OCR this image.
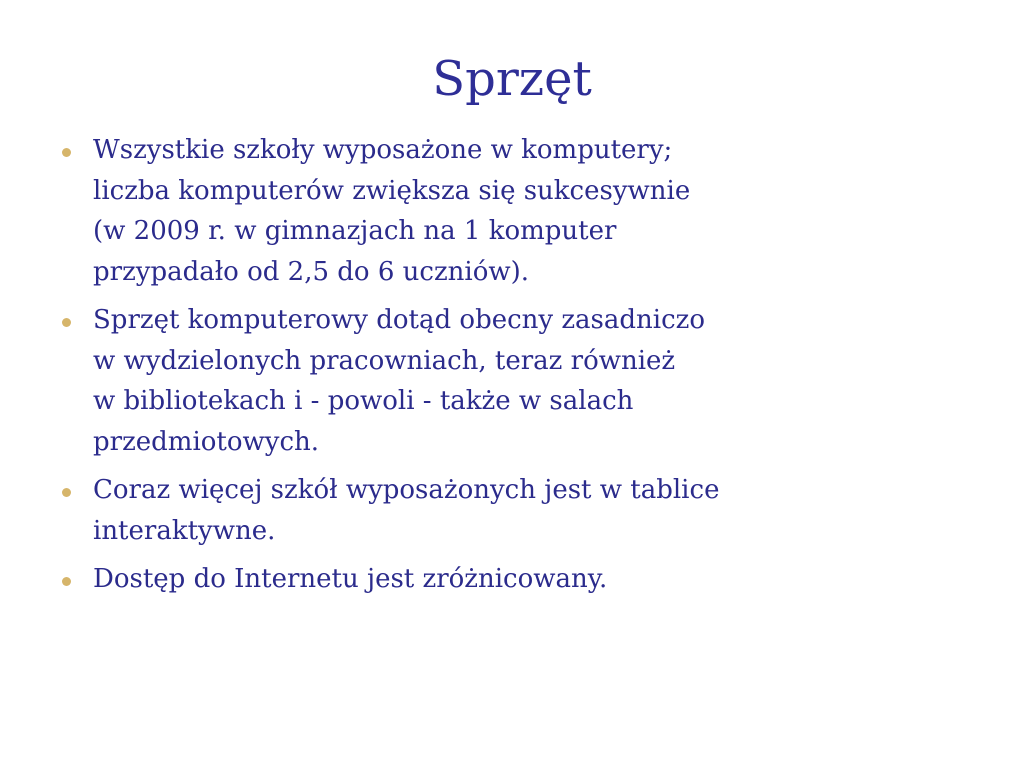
Sprzęt
Wszystkie szkoły wyposażone w komputery;
liczba komputerów zwiększa się sukcesywnie
(w 2009 r. w gimnazjach na 1 komputer
przypadało od 2,5 do 6 uczniów).
Sprzęt komputerowy dotąd obecny zasadniczo
w wydzielonych pracowniach, teraz również
w bibliotekach i - powoli - także w salach
przedmiotowych.
Coraz więcej szkół wyposażonych jest w tablice
interaktywne.
Dostęp do Internetu jest zróżnicowany.
